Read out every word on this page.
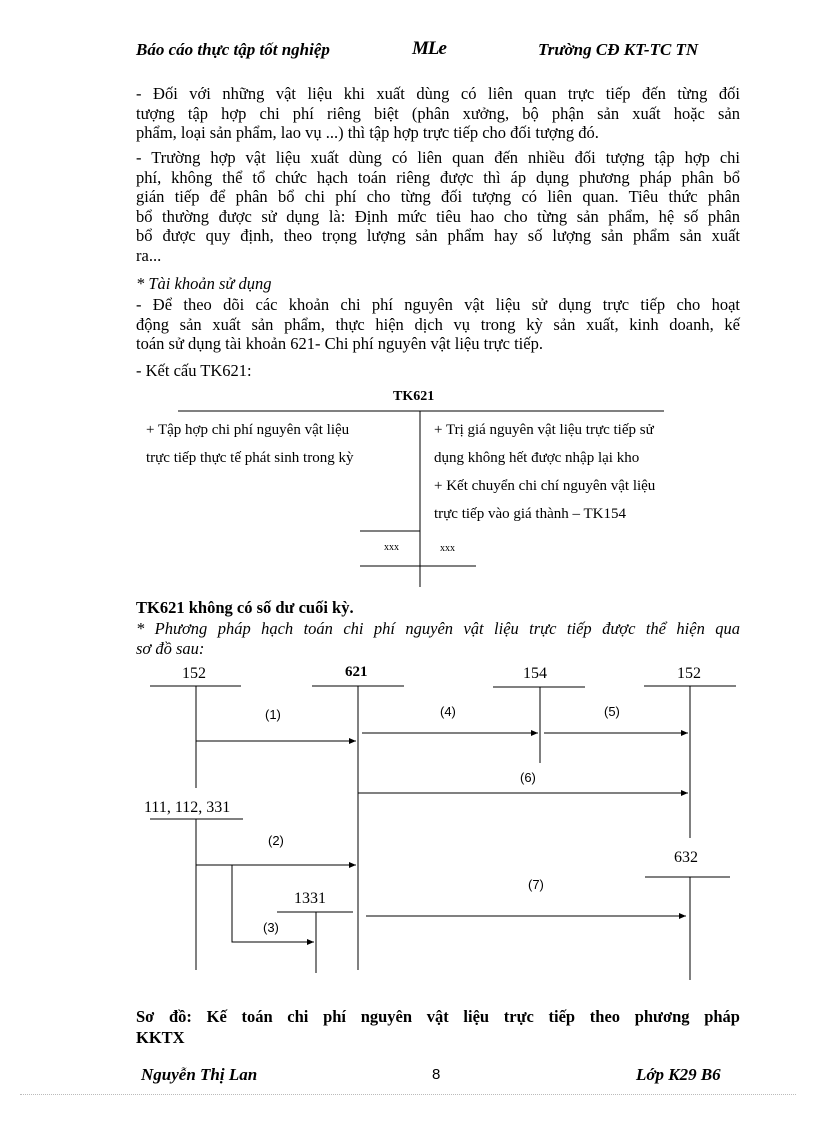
Báo cáo thực tập tốt nghiệp	MLe	Trường CĐ KT-TC TN
- Đối với những vật liệu khi xuất dùng có liên quan trực tiếp đến từng đối
tượng tập hợp chi phí riêng biệt (phân xưởng, bộ phận sản xuất hoặc sản
phẩm, loại sản phẩm, lao vụ ...) thì tập hợp trực tiếp cho đối tượng đó.
- Trường hợp vật liệu xuất dùng có liên quan đến nhiều đối tượng tập hợp chi
phí, không thể tổ chức hạch toán riêng được thì áp dụng phương pháp phân bổ
gián tiếp để phân bổ chi phí cho từng đối tượng có liên quan. Tiêu thức phân
bổ thường được sử dụng là: Định mức tiêu hao cho từng sản phẩm, hệ số phân
bổ được quy định, theo trọng lượng sản phẩm hay số lượng sản phẩm sản xuất
ra...
* Tài khoản sử dụng
- Để theo dõi các khoản chi phí nguyên vật liệu sử dụng trực tiếp cho hoạt
động sản xuất sản phẩm, thực hiện dịch vụ trong kỳ sản xuất, kinh doanh, kế
toán sử dụng tài khoản 621- Chi phí nguyên vật liệu trực tiếp.
- Kết cấu TK621:
TK621
+ Tập hợp chi phí nguyên vật liệu
trực tiếp thực tế phát sinh trong kỳ
+ Trị giá nguyên vật liệu trực tiếp sử
dụng không hết được nhập lại kho
+ Kết chuyển chi chí nguyên vật liệu
trực tiếp vào giá thành – TK154
xxx	xxx
TK621 không có số dư cuối kỳ.
* Phương pháp hạch toán chi phí nguyên vật liệu trực tiếp được thể hiện qua
sơ đồ sau:
152	621	154	152
111, 112, 331
632
1331
(1)
(2)
(3)
(4)	(5)
(6)
(7)
Sơ đồ: Kế toán chi phí nguyên vật liệu trực tiếp theo phương pháp
KKTX
Nguyễn Thị Lan	8	Lớp K29 B6
